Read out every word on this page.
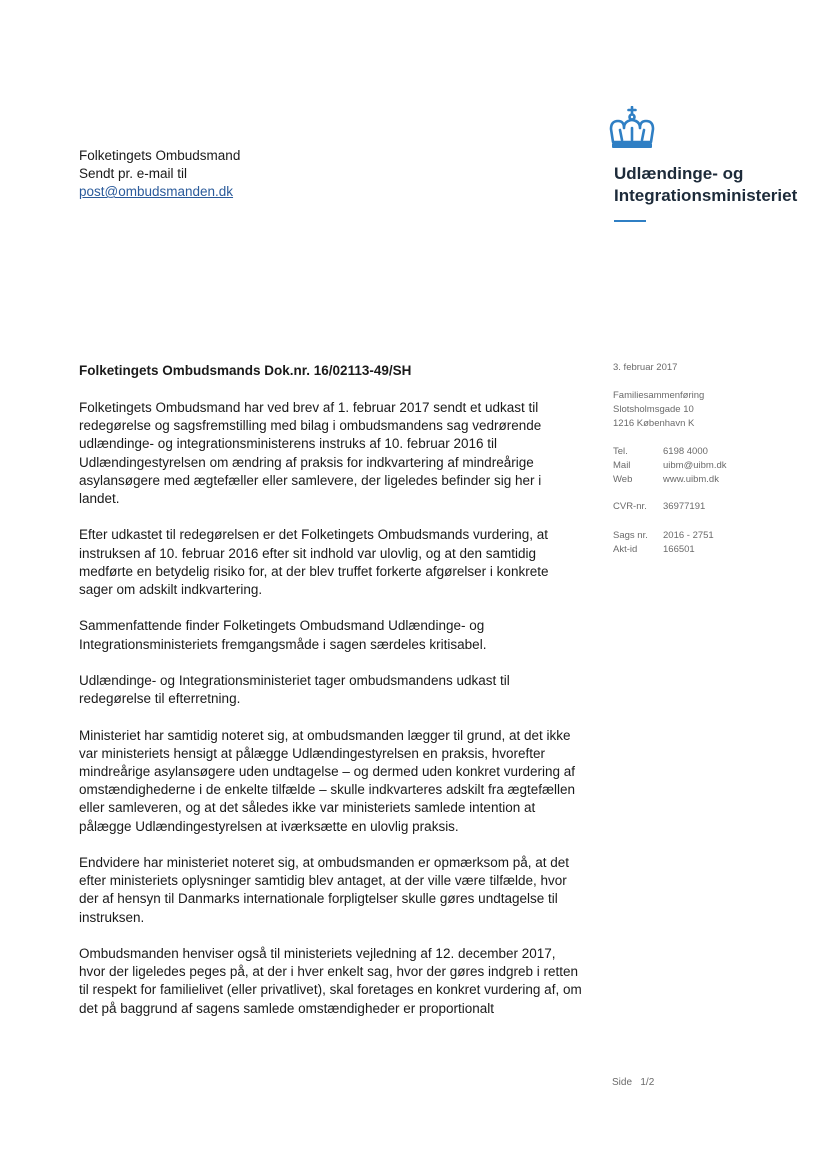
Folketingets Ombudsmand
Sendt pr. e-mail til
post@ombudsmanden.dk
Udlændinge- og
Integrationsministeriet
Folketingets Ombudsmands Dok.nr. 16/02113-49/SH

Folketingets Ombudsmand har ved brev af 1. februar 2017 sendt et udkast til redegørelse og sagsfremstilling med bilag i ombudsmandens sag vedrørende udlændinge- og integrationsministerens instruks af 10. februar 2016 til Udlændingestyrelsen om ændring af praksis for indkvartering af mindreårige asylansøgere med ægtefæller eller samlevere, der ligeledes befinder sig her i landet.

Efter udkastet til redegørelsen er det Folketingets Ombudsmands vurdering, at instruksen af 10. februar 2016 efter sit indhold var ulovlig, og at den samtidig medførte en betydelig risiko for, at der blev truffet forkerte afgørelser i konkrete sager om adskilt indkvartering.

Sammenfattende finder Folketingets Ombudsmand Udlændinge- og Integrationsministeriets fremgangsmåde i sagen særdeles kritisabel.

Udlændinge- og Integrationsministeriet tager ombudsmandens udkast til redegørelse til efterretning.

Ministeriet har samtidig noteret sig, at ombudsmanden lægger til grund, at det ikke var ministeriets hensigt at pålægge Udlændingestyrelsen en praksis, hvorefter mindreårige asylansøgere uden undtagelse – og dermed uden konkret vurdering af omstændighederne i de enkelte tilfælde – skulle indkvarteres adskilt fra ægtefællen eller samleveren, og at det således ikke var ministeriets samlede intention at pålægge Udlændingestyrelsen at iværksætte en ulovlig praksis.

Endvidere har ministeriet noteret sig, at ombudsmanden er opmærksom på, at det efter ministeriets oplysninger samtidig blev antaget, at der ville være tilfælde, hvor der af hensyn til Danmarks internationale forpligtelser skulle gøres undtagelse til instruksen.

Ombudsmanden henviser også til ministeriets vejledning af 12. december 2017, hvor der ligeledes peges på, at der i hver enkelt sag, hvor der gøres indgreb i retten til respekt for familielivet (eller privatlivet), skal foretages en konkret vurdering af, om det på baggrund af sagens samlede omstændigheder er proportionalt

3. februar 2017
Familiesammenføring
Slotsholmsgade 10
1216 København K
Tel.	6198 4000
Mail	uibm@uibm.dk
Web	www.uibm.dk
CVR-nr.	36977191
Sags nr.	2016 - 2751
Akt-id	166501
Side 1/2
